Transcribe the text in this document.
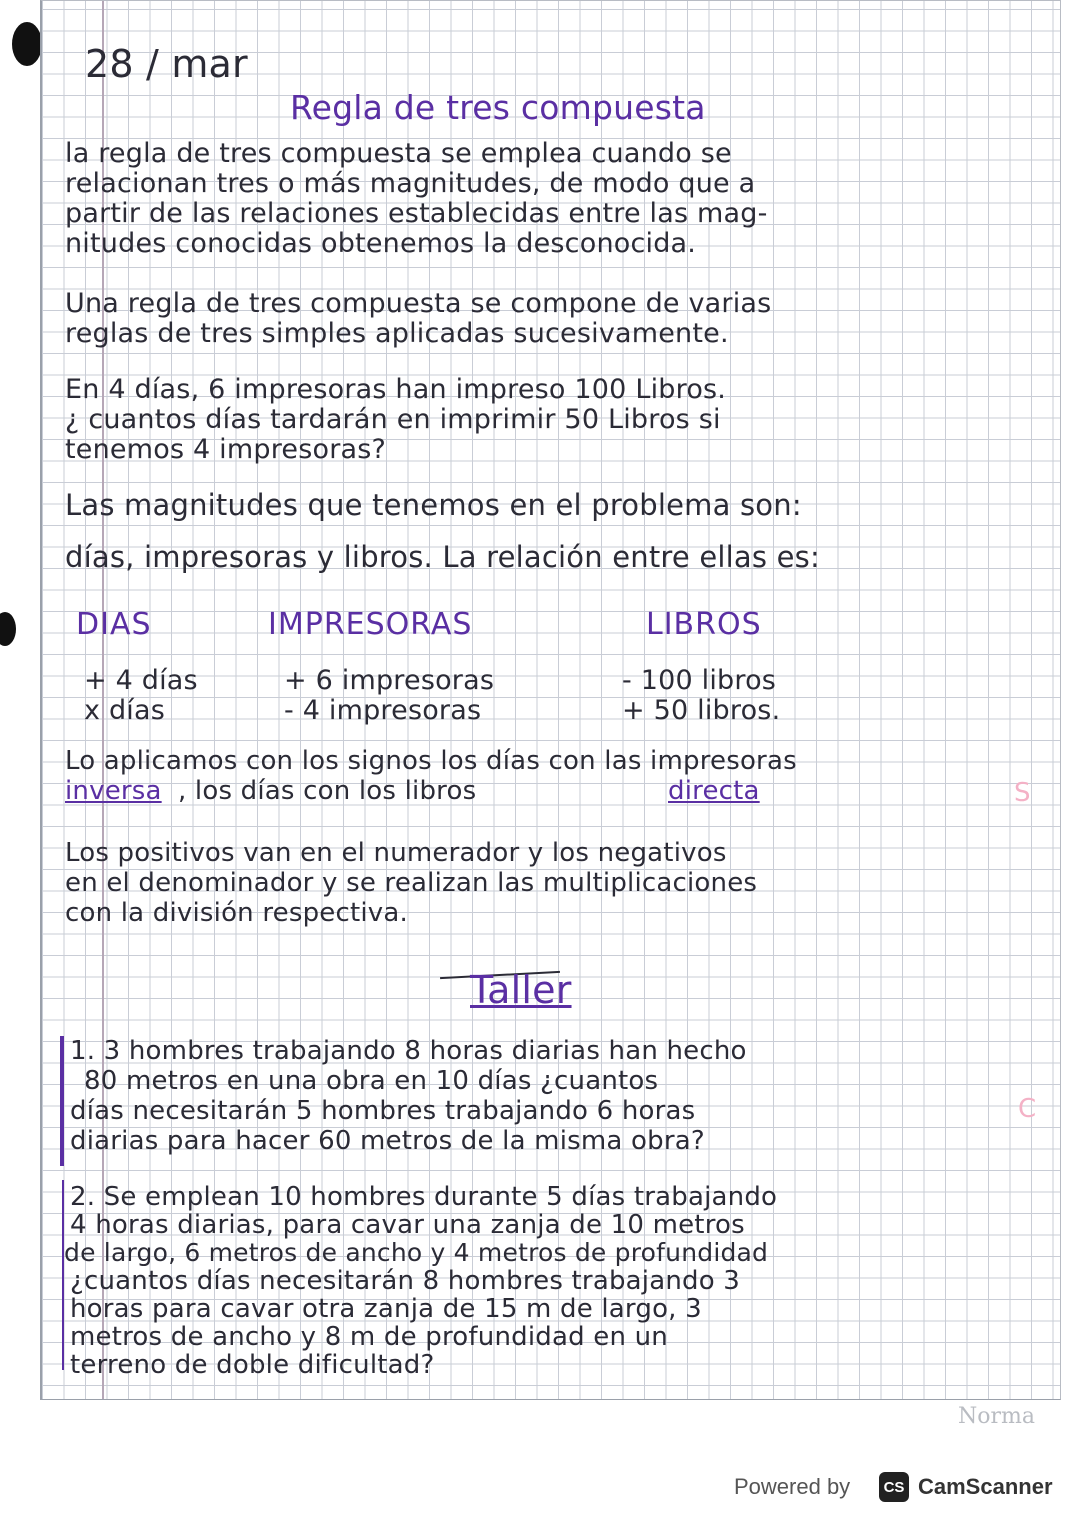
28 / mar
Regla de tres compuesta
la regla de tres compuesta se emplea cuando se
relacionan tres o más magnitudes, de modo que a
partir de las relaciones establecidas entre las mag-
nitudes conocidas obtenemos la desconocida.
Una regla de tres compuesta se compone de varias
reglas de tres simples aplicadas sucesivamente.
En 4 días, 6 impresoras han impreso 100 Libros.
¿ cuantos días tardarán en imprimir 50 Libros si
tenemos 4 impresoras?
Las magnitudes que tenemos en el problema son:
días, impresoras y libros. La relación entre ellas es:
DIAS	IMPRESORAS	LIBROS
+ 4 días	+ 6 impresoras	- 100 libros
x días	- 4 impresoras	+ 50 libros.
Lo aplicamos con los signos los días con las impresoras
inversa , los días con los libros	directa	S
Los positivos van en el numerador y los negativos
en el denominador y se realizan las multiplicaciones
con la división respectiva.
Taller
1. 3 hombres trabajando 8 horas diarias han hecho
80 metros en una obra en 10 días ¿cuantos
días necesitarán 5 hombres trabajando 6 horas
diarias para hacer 60 metros de la misma obra?
C
2. Se emplean 10 hombres durante 5 días trabajando
4 horas diarias, para cavar una zanja de 10 metros
de largo, 6 metros de ancho y 4 metros de profundidad
¿cuantos días necesitarán 8 hombres trabajando 3
horas para cavar otra zanja de 15 m de largo, 3
metros de ancho y 8 m de profundidad en un
terreno de doble dificultad?
Norma
Powered by	CS CamScanner
